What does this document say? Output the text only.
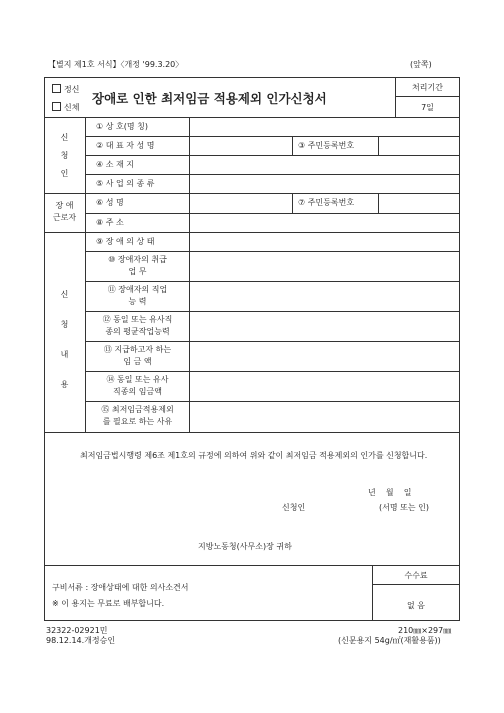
【별지 제1호 서식】〈개정 '99.3.20〉	(앞쪽)
정신
신체
장애로 인한 최저임금 적용제외 인가신청서
처리기간
7일
신청인
① 상 호(명 칭)
② 대 표 자 성 명	③ 주민등록번호
④ 소 재 지
⑤ 사 업 의 종 류
장 애
근로자
⑥ 성 명	⑦ 주민등록번호
⑧ 주 소
신청내용
⑨ 장 애 의 상 태
⑩ 장애자의 취급
업 무
⑪ 장애자의 직업
능 력
⑫ 동일 또는 유사직
종의 평균작업능력
⑬ 지급하고자 하는
임 금 액
⑭ 동일 또는 유사
직종의 임금액
⑮ 최저임금적용제외
를 필요로 하는 사유
최저임금법시행령 제6조 제1호의 규정에 의하여 위와 같이 최저임금 적용제외의 인가를 신청합니다.
년    월    일
신청인	(서명 또는 인)
지방노동청(사무소)장 귀하
구비서류 : 장애상태에 대한 의사소견서
※ 이 용지는 무료로 배부합니다.
수수료
없 음
32322-02921민
98.12.14.개정승인
210㎜×297㎜
(신문용지 54g/㎡(재활용품))
